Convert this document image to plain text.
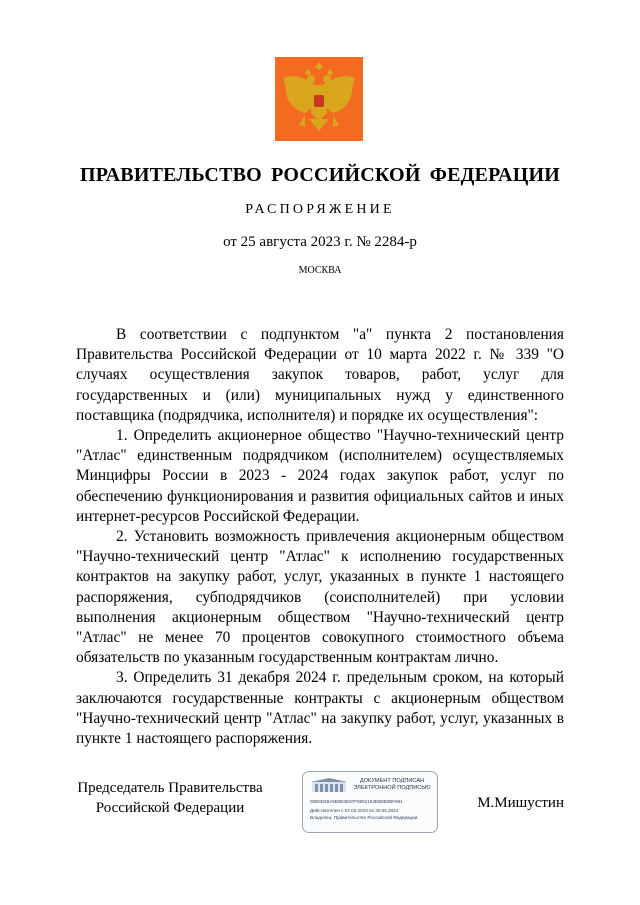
ПРАВИТЕЛЬСТВО РОССИЙСКОЙ ФЕДЕРАЦИИ
РАСПОРЯЖЕНИЕ
от 25 августа 2023 г. № 2284-р
МОСКВА

В соответствии с подпунктом "а" пункта 2 постановления Правительства Российской Федерации от 10 марта 2022 г. № 339 "О случаях осуществления закупок товаров, работ, услуг для государственных и (или) муниципальных нужд у единственного поставщика (подрядчика, исполнителя) и порядке их осуществления":

1. Определить акционерное общество "Научно-технический центр "Атлас" единственным подрядчиком (исполнителем) осуществляемых Минцифры России в 2023 - 2024 годах закупок работ, услуг по обеспечению функционирования и развития официальных сайтов и иных интернет-ресурсов Российской Федерации.

2. Установить возможность привлечения акционерным обществом "Научно-технический центр "Атлас" к исполнению государственных контрактов на закупку работ, услуг, указанных в пункте 1 настоящего распоряжения, субподрядчиков (соисполнителей) при условии выполнения акционерным обществом "Научно-технический центр "Атлас" не менее 70 процентов совокупного стоимостного объема обязательств по указанным государственным контрактам лично.

3. Определить 31 декабря 2024 г. предельным сроком, на который заключаются государственные контракты с акционерным обществом "Научно-технический центр "Атлас" на закупку работ, услуг, указанных в пункте 1 настоящего распоряжения.

Председатель Правительства
Российской Федерации
ДОКУМЕНТ ПОДПИСАН
ЭЛЕКТРОННОЙ ПОДПИСЬЮ
00B0D38A5B0E0E97F5952183EB0B0BF891
Действителен с 07.03.2023 по 30.05.2024
Владелец: Правительство Российской Федерации
М.Мишустин
